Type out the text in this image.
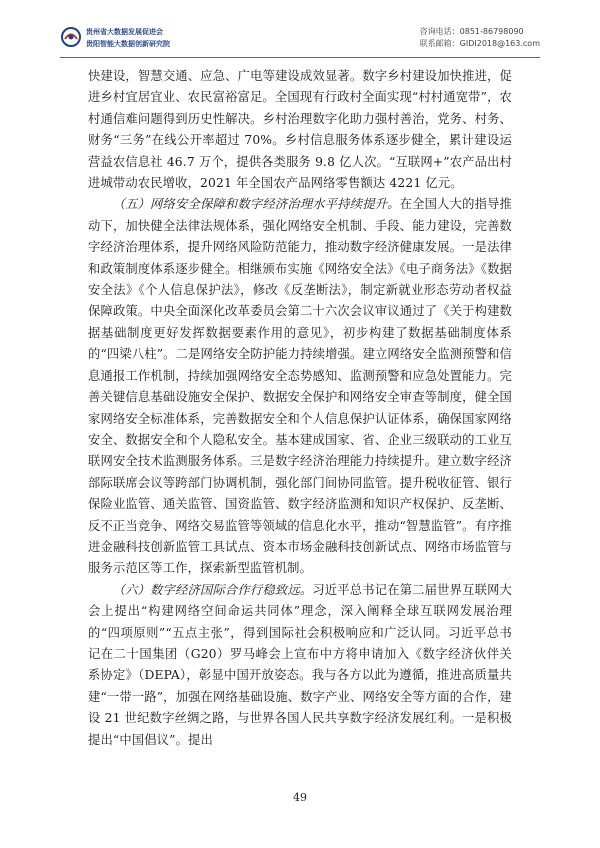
贵州省大数据发展促进会
贵阳智能大数据创新研究院
咨询电话：0851-86798090
联系邮箱：GIDI2018@163.com

快建设，智慧交通、应急、广电等建设成效显著。数字乡村建设加快推进，促进乡村宜居宜业、农民富裕富足。全国现有行政村全面实现“村村通宽带”，农村通信难问题得到历史性解决。乡村治理数字化助力强村善治，党务、村务、财务“三务”在线公开率超过 70%。乡村信息服务体系逐步健全，累计建设运营益农信息社 46.7 万个，提供各类服务 9.8 亿人次。“互联网+”农产品出村进城带动农民增收，2021 年全国农产品网络零售额达 4221 亿元。

（五）网络安全保障和数字经济治理水平持续提升。在全国人大的指导推动下，加快健全法律法规体系，强化网络安全机制、手段、能力建设，完善数字经济治理体系，提升网络风险防范能力，推动数字经济健康发展。一是法律和政策制度体系逐步健全。相继颁布实施《网络安全法》《电子商务法》《数据安全法》《个人信息保护法》，修改《反垄断法》，制定新就业形态劳动者权益保障政策。中央全面深化改革委员会第二十六次会议审议通过了《关于构建数据基础制度更好发挥数据要素作用的意见》，初步构建了数据基础制度体系的“四梁八柱”。二是网络安全防护能力持续增强。建立网络安全监测预警和信息通报工作机制，持续加强网络安全态势感知、监测预警和应急处置能力。完善关键信息基础设施安全保护、数据安全保护和网络安全审查等制度，健全国家网络安全标准体系，完善数据安全和个人信息保护认证体系，确保国家网络安全、数据安全和个人隐私安全。基本建成国家、省、企业三级联动的工业互联网安全技术监测服务体系。三是数字经济治理能力持续提升。建立数字经济部际联席会议等跨部门协调机制，强化部门间协同监管。提升税收征管、银行保险业监管、通关监管、国资监管、数字经济监测和知识产权保护、反垄断、反不正当竞争、网络交易监管等领域的信息化水平，推动“智慧监管”。有序推进金融科技创新监管工具试点、资本市场金融科技创新试点、网络市场监管与服务示范区等工作，探索新型监管机制。

（六）数字经济国际合作行稳致远。习近平总书记在第二届世界互联网大会上提出“构建网络空间命运共同体”理念，深入阐释全球互联网发展治理的“四项原则”“五点主张”，得到国际社会积极响应和广泛认同。习近平总书记在二十国集团（G20）罗马峰会上宣布中方将申请加入《数字经济伙伴关系协定》（DEPA），彰显中国开放姿态。我与各方以此为遵循，推进高质量共建“一带一路”，加强在网络基础设施、数字产业、网络安全等方面的合作，建设 21 世纪数字丝绸之路，与世界各国人民共享数字经济发展红利。一是积极提出“中国倡议”。提出

49
